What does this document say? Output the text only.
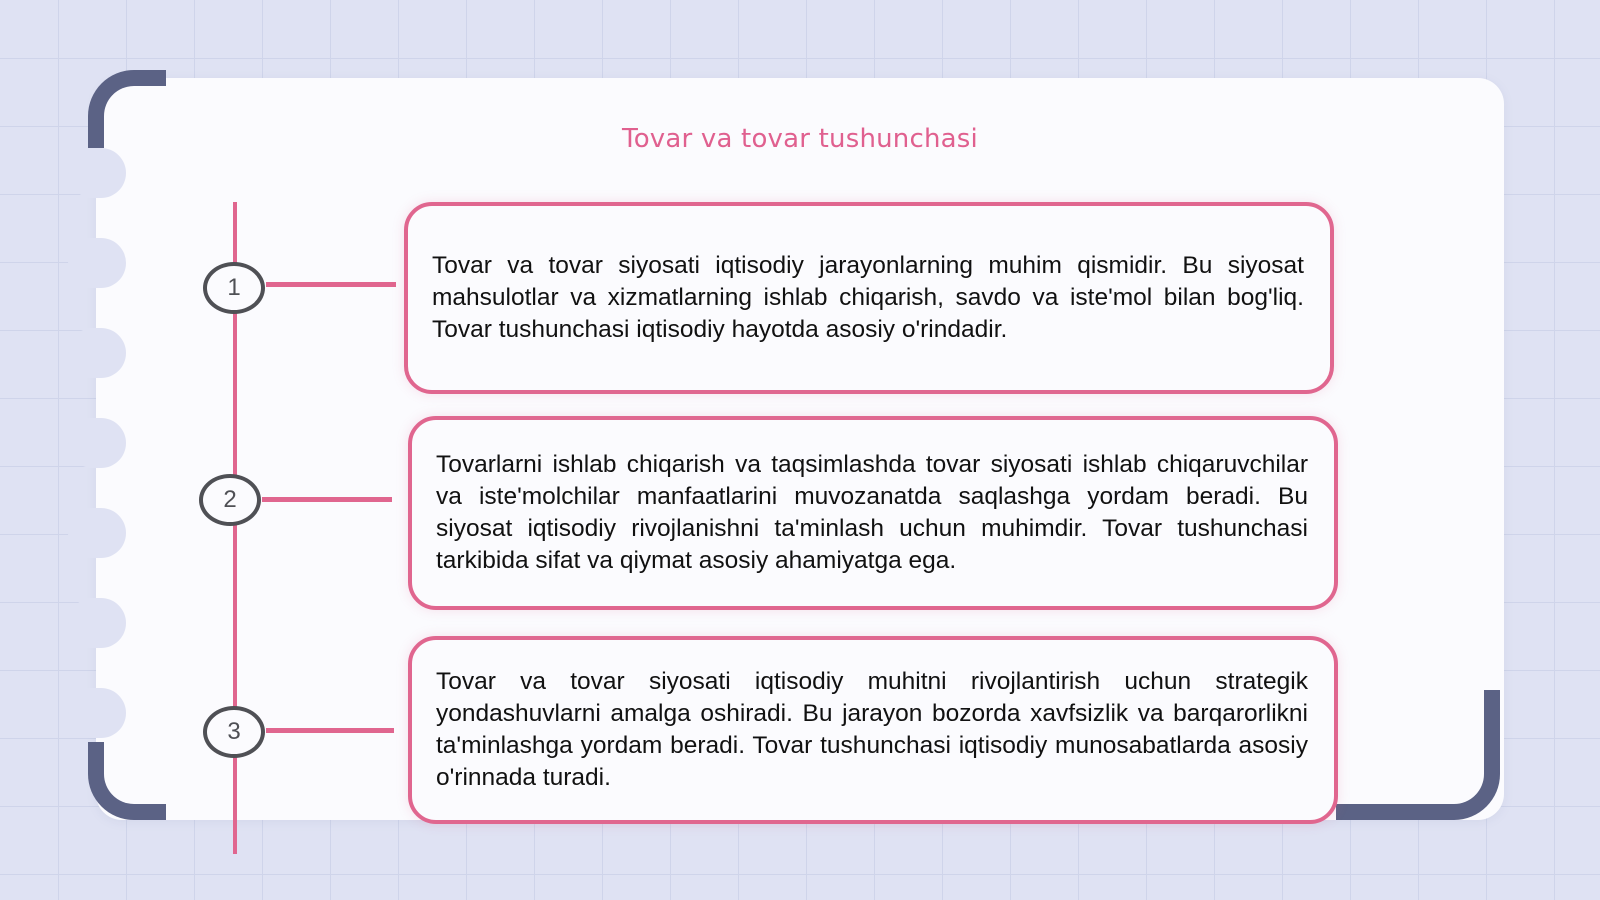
Tovar va tovar tushunchasi
1

Tovar va tovar siyosati iqtisodiy jarayonlarning muhim qismidir. Bu siyosat mahsulotlar va xizmatlarning ishlab chiqarish, savdo va iste'mol bilan bog'liq. Tovar tushunchasi iqtisodiy hayotda asosiy o'rindadir.

2

Tovarlarni ishlab chiqarish va taqsimlashda tovar siyosati ishlab chiqaruvchilar va iste'molchilar manfaatlarini muvozanatda saqlashga yordam beradi. Bu siyosat iqtisodiy rivojlanishni ta'minlash uchun muhimdir. Tovar tushunchasi tarkibida sifat va qiymat asosiy ahamiyatga ega.

3

Tovar va tovar siyosati iqtisodiy muhitni rivojlantirish uchun strategik yondashuvlarni amalga oshiradi. Bu jarayon bozorda xavfsizlik va barqarorlikni ta'minlashga yordam beradi. Tovar tushunchasi iqtisodiy munosabatlarda asosiy o'rinnada turadi.
